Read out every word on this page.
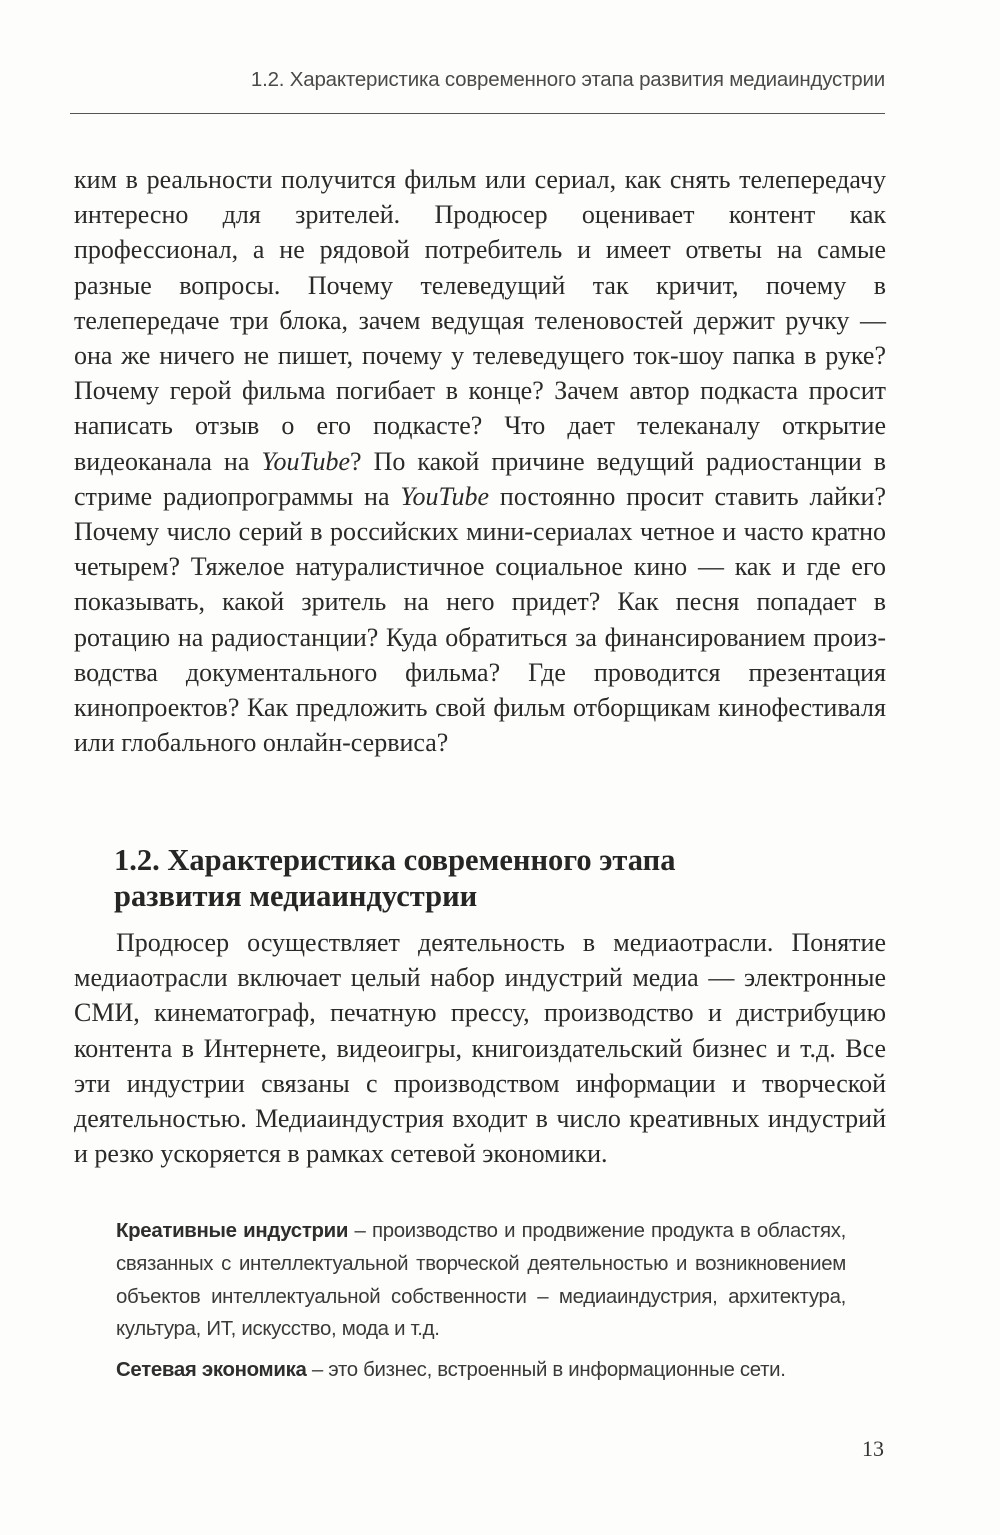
1.2. Характеристика современного этапа развития медиаиндустрии

ким в реальности получится фильм или сериал, как снять телепередачу интересно для зрителей. Продюсер оценивает контент как профессионал, а не рядовой потребитель и имеет ответы на самые разные вопросы. Почему телеведущий так кричит, почему в телепередаче три блока, зачем ведущая теленовостей держит ручку — она же ничего не пишет, почему у телеведущего ток-шоу папка в руке? Почему герой фильма погибает в конце? Зачем автор подкаста просит написать отзыв о его подкасте? Что дает телеканалу открытие видеоканала на YouTube? По какой причине ведущий радиостанции в стриме радиопрограммы на YouTube постоянно просит ставить лайки? Почему число серий в российских мини-сериалах четное и часто кратно четырем? Тяжелое натуралистичное социальное кино — как и где его показывать, какой зритель на него придет? Как песня попадает в ротацию на радиостанции? Куда обратиться за финансированием производства документального фильма? Где проводится презентация кинопроектов? Как предложить свой фильм отборщикам кинофестиваля или глобального онлайн-сервиса?

1.2. Характеристика современного этапа
развития медиаиндустрии

Продюсер осуществляет деятельность в медиаотрасли. Понятие медиаотрасли включает целый набор индустрий медиа — электронные СМИ, кинематограф, печатную прессу, производство и дистрибуцию контента в Интернете, видеоигры, книгоиздательский бизнес и т.д. Все эти индустрии связаны с производством информации и творческой деятельностью. Медиаиндустрия входит в число креативных индустрий и резко ускоряется в рамках сетевой экономики.

Креативные индустрии – производство и продвижение продукта в областях, связанных с интеллектуальной творческой деятельностью и возникновением объектов интеллектуальной собственности – медиаиндустрия, архитектура, культура, ИТ, искусство, мода и т.д.

Сетевая экономика – это бизнес, встроенный в информационные сети.

13
